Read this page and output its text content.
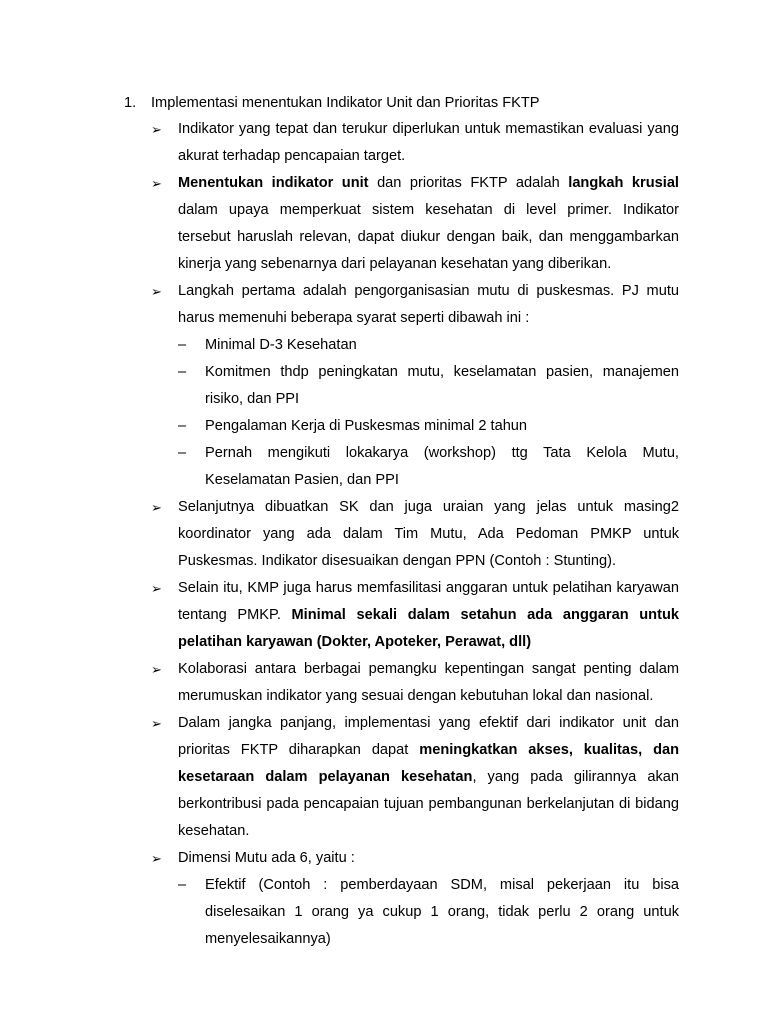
1. Implementasi menentukan Indikator Unit dan Prioritas FKTP
➢	Indikator yang tepat dan terukur diperlukan untuk memastikan evaluasi yang akurat terhadap pencapaian target.
➢	Menentukan indikator unit dan prioritas FKTP adalah langkah krusial dalam upaya memperkuat sistem kesehatan di level primer. Indikator tersebut haruslah relevan, dapat diukur dengan baik, dan menggambarkan kinerja yang sebenarnya dari pelayanan kesehatan yang diberikan.
➢	Langkah pertama adalah pengorganisasian mutu di puskesmas. PJ mutu harus memenuhi beberapa syarat seperti dibawah ini :
– Minimal D-3 Kesehatan
– Komitmen thdp peningkatan mutu, keselamatan pasien, manajemen risiko, dan PPI
– Pengalaman Kerja di Puskesmas minimal 2 tahun
– Pernah mengikuti lokakarya (workshop) ttg Tata Kelola Mutu, Keselamatan Pasien, dan PPI
➢	Selanjutnya dibuatkan SK dan juga uraian yang jelas untuk masing2 koordinator yang ada dalam Tim Mutu, Ada Pedoman PMKP untuk Puskesmas. Indikator disesuaikan dengan PPN (Contoh : Stunting).
➢	Selain itu, KMP juga harus memfasilitasi anggaran untuk pelatihan karyawan tentang PMKP. Minimal sekali dalam setahun ada anggaran untuk pelatihan karyawan (Dokter, Apoteker, Perawat, dll)
➢	Kolaborasi antara berbagai pemangku kepentingan sangat penting dalam merumuskan indikator yang sesuai dengan kebutuhan lokal dan nasional.
➢	Dalam jangka panjang, implementasi yang efektif dari indikator unit dan prioritas FKTP diharapkan dapat meningkatkan akses, kualitas, dan kesetaraan dalam pelayanan kesehatan, yang pada gilirannya akan berkontribusi pada pencapaian tujuan pembangunan berkelanjutan di bidang kesehatan.
➢	Dimensi Mutu ada 6, yaitu :
– Efektif (Contoh : pemberdayaan SDM, misal pekerjaan itu bisa diselesaikan 1 orang ya cukup 1 orang, tidak perlu 2 orang untuk menyelesaikannya)
